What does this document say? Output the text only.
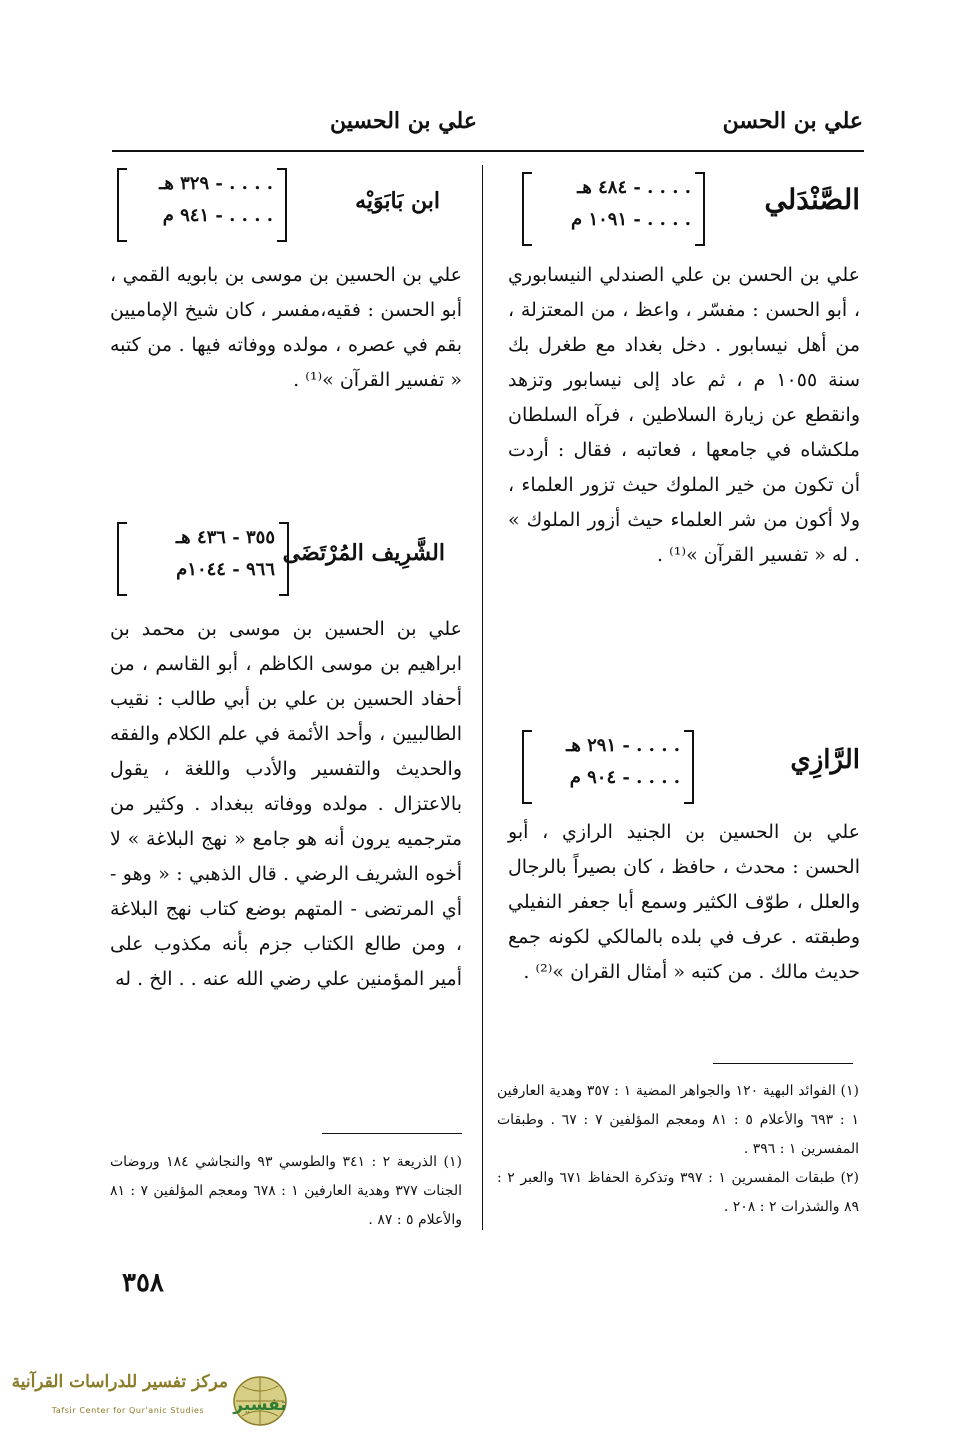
علي بن الحسن
علي بن الحسين
الصَّنْدَلي
. . . . - ٤٨٤ هـ
. . . . - ١٠٩١ م

علي بن الحسن بن علي الصندلي النيسابوري ، أبو الحسن : مفسّر ، واعظ ، من المعتزلة ، من أهل نيسابور . دخل بغداد مع طغرل بك سنة ١٠٥٥ م ، ثم عاد إلى نيسابور وتزهد وانقطع عن زيارة السلاطين ، فرآه السلطان ملكشاه في جامعها ، فعاتبه ، فقال : أردت أن تكون من خير الملوك حيث تزور العلماء ، ولا أكون من شر العلماء حيث أزور الملوك » . له « تفسير القرآن »⁽¹⁾ .

الرَّازِي
. . . . - ٢٩١ هـ
. . . . - ٩٠٤ م

علي بن الحسين بن الجنيد الرازي ، أبو الحسن : محدث ، حافظ ، كان بصيراً بالرجال والعلل ، طوّف الكثير وسمع أبا جعفر النفيلي وطبقته . عرف في بلده بالمالكي لكونه جمع حديث مالك . من كتبه « أمثال القران »⁽²⁾ .

(١) الفوائد البهية ١٢٠ والجواهر المضية ١ : ٣٥٧ وهدية العارفين ١ : ٦٩٣ والأعلام ٥ : ٨١ ومعجم المؤلفين ٧ : ٦٧ . وطبقات المفسرين ١ : ٣٩٦ .

(٢) طبقات المفسرين ١ : ٣٩٧ وتذكرة الحفاظ ٦٧١ والعبر ٢ : ٨٩ والشذرات ٢ : ٢٠٨ .

ابن بَابَوَيْه
. . . . - ٣٢٩ هـ
. . . . - ٩٤١ م

علي بن الحسين بن موسى بن بابويه القمي ، أبو الحسن : فقيه،مفسر ، كان شيخ الإماميين بقم في عصره ، مولده ووفاته فيها . من كتبه « تفسير القرآن »⁽¹⁾ .

الشَّرِيف المُرْتَضَى
٣٥٥ - ٤٣٦ هـ
٩٦٦ - ١٠٤٤م

علي بن الحسين بن موسى بن محمد بن ابراهيم بن موسى الكاظم ، أبو القاسم ، من أحفاد الحسين بن علي بن أبي طالب : نقيب الطالبيين ، وأحد الأئمة في علم الكلام والفقه والحديث والتفسير والأدب واللغة ، يقول بالاعتزال . مولده ووفاته ببغداد . وكثير من مترجميه يرون أنه هو جامع « نهج البلاغة » لا أخوه الشريف الرضي . قال الذهبي : « وهو - أي المرتضى - المتهم بوضع كتاب نهج البلاغة ، ومن طالع الكتاب جزم بأنه مكذوب على أمير المؤمنين علي رضي الله عنه . . الخ . له

(١) الذريعة ٢ : ٣٤١ والطوسي ٩٣ والنجاشي ١٨٤ وروضات الجنات ٣٧٧ وهدية العارفين ١ : ٦٧٨ ومعجم المؤلفين ٧ : ٨١ والأعلام ٥ : ٨٧ .

٣٥٨
مركز تفسير للدراسات القرآنية
Tafsir Center for Qur'anic Studies	تفسير
